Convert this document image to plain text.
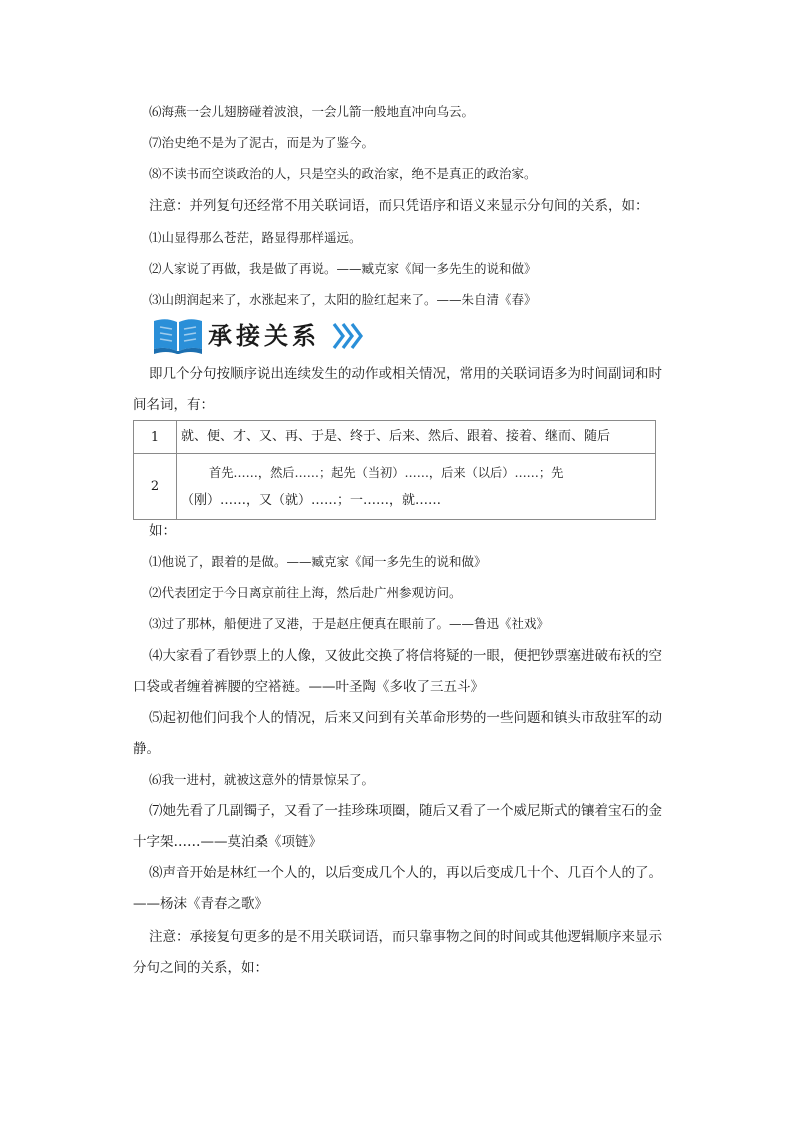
⑹海燕一会儿翅膀碰着波浪，一会儿箭一般地直冲向乌云。
⑺治史绝不是为了泥古，而是为了鉴今。
⑻不读书而空谈政治的人，只是空头的政治家，绝不是真正的政治家。
注意：并列复句还经常不用关联词语，而只凭语序和语义来显示分句间的关系，如：
⑴山显得那么苍茫，路显得那样遥远。
⑵人家说了再做，我是做了再说。——臧克家《闻一多先生的说和做》
⑶山朗润起来了，水涨起来了，太阳的脸红起来了。——朱自清《春》
承接关系
即几个分句按顺序说出连续发生的动作或相关情况，常用的关联词语多为时间副词和时
间名词，有：
1	就、便、才、又、再、于是、终于、后来、然后、跟着、接着、继而、随后
2	首先……，然后……；起先（当初）……，后来（以后）……；先
（刚）……，又（就）……；一……，就……
如：
⑴他说了，跟着的是做。——臧克家《闻一多先生的说和做》
⑵代表团定于今日离京前往上海，然后赴广州参观访问。
⑶过了那林，船便进了叉港，于是赵庄便真在眼前了。——鲁迅《社戏》
⑷大家看了看钞票上的人像，又彼此交换了将信将疑的一眼，便把钞票塞进破布袄的空
口袋或者缠着裤腰的空褡裢。——叶圣陶《多收了三五斗》
⑸起初他们问我个人的情况，后来又问到有关革命形势的一些问题和镇头市敌驻军的动
静。
⑹我一进村，就被这意外的情景惊呆了。
⑺她先看了几副镯子，又看了一挂珍珠项圈，随后又看了一个威尼斯式的镶着宝石的金
十字架……——莫泊桑《项链》
⑻声音开始是林红一个人的，以后变成几个人的，再以后变成几十个、几百个人的了。
——杨沫《青春之歌》
注意：承接复句更多的是不用关联词语，而只靠事物之间的时间或其他逻辑顺序来显示
分句之间的关系，如：
